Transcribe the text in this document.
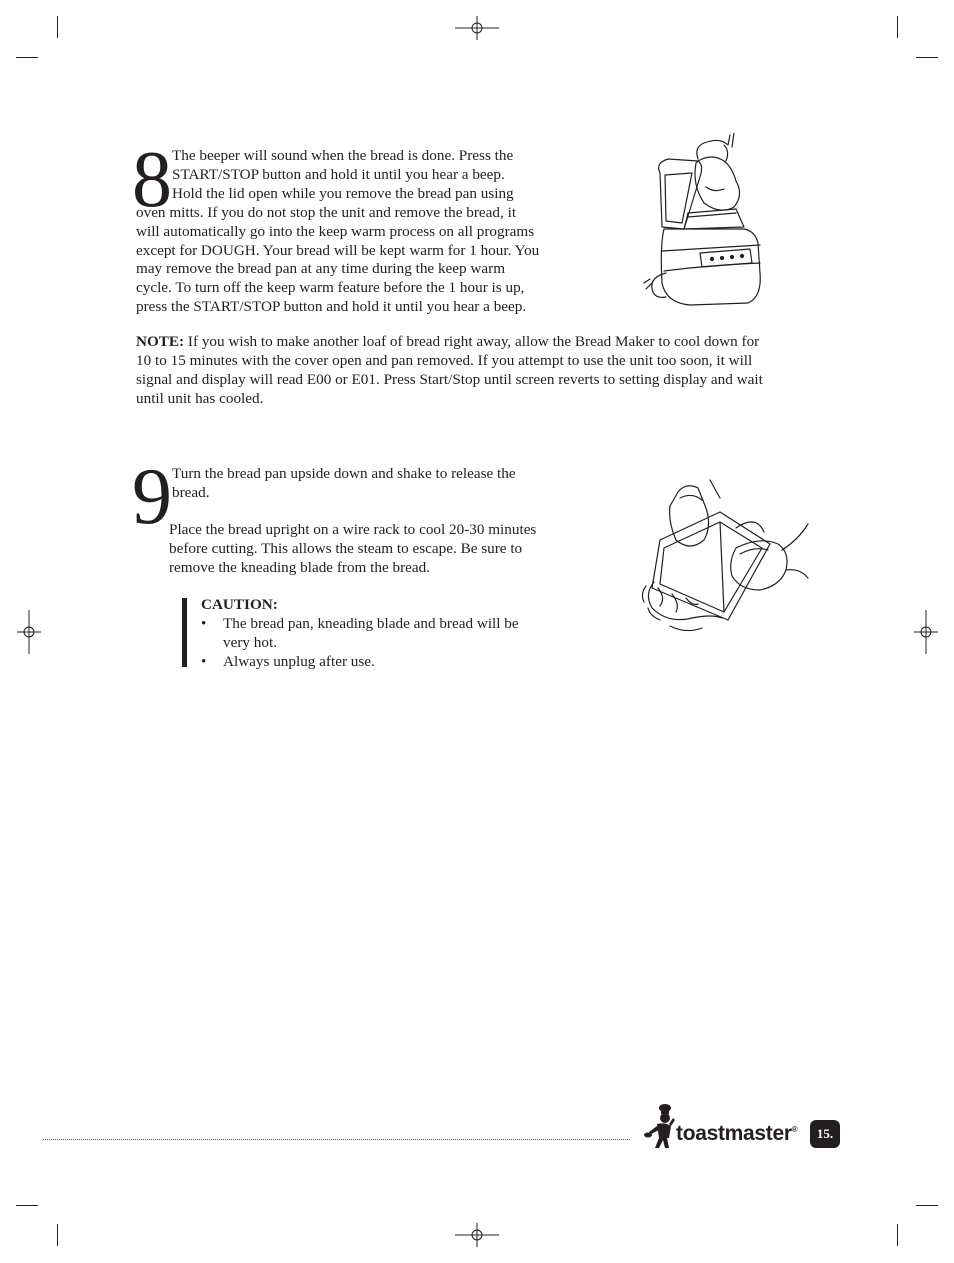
8 The beeper will sound when the bread is done. Press the
START/STOP button and hold it until you hear a beep.
Hold the lid open while you remove the bread pan using
oven mitts. If you do not stop the unit and remove the bread, it
will automatically go into the keep warm process on all programs
except for DOUGH. Your bread will be kept warm for 1 hour. You
may remove the bread pan at any time during the keep warm
cycle. To turn off the keep warm feature before the 1 hour is up,
press the START/STOP button and hold it until you hear a beep.
NOTE: If you wish to make another loaf of bread right away, allow the Bread Maker to cool down for
10 to 15 minutes with the cover open and pan removed. If you attempt to use the unit too soon, it will
signal and display will read E00 or E01. Press Start/Stop until screen reverts to setting display and wait
until unit has cooled.
9 Turn the bread pan upside down and shake to release the
bread.
Place the bread upright on a wire rack to cool 20-30 minutes
before cutting. This allows the steam to escape. Be sure to
remove the kneading blade from the bread.
CAUTION:
•	The bread pan, kneading blade and bread will be
very hot.
•	Always unplug after use.
toastmaster®	15.
